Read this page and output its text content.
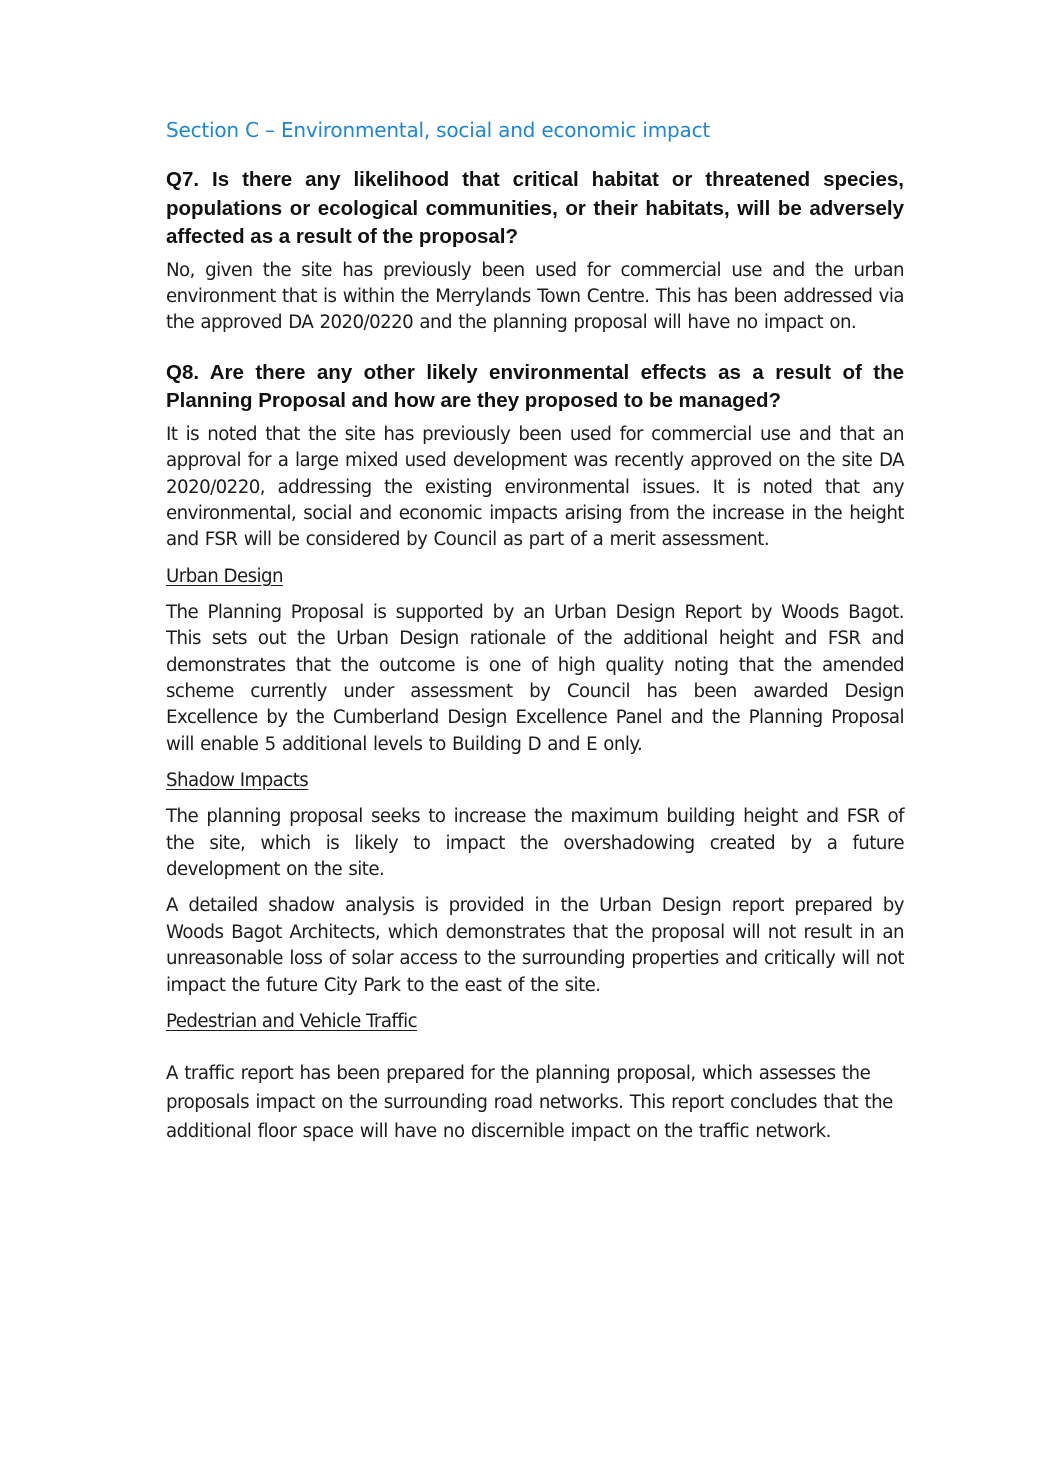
Section C – Environmental, social and economic impact
Q7. Is there any likelihood that critical habitat or threatened species, populations or ecological communities, or their habitats, will be adversely affected as a result of the proposal?
No, given the site has previously been used for commercial use and the urban environment that is within the Merrylands Town Centre. This has been addressed via the approved DA 2020/0220 and the planning proposal will have no impact on.
Q8. Are there any other likely environmental effects as a result of the Planning Proposal and how are they proposed to be managed?
It is noted that the site has previously been used for commercial use and that an approval for a large mixed used development was recently approved on the site DA 2020/0220, addressing the existing environmental issues. It is noted that any environmental, social and economic impacts arising from the increase in the height and FSR will be considered by Council as part of a merit assessment.
Urban Design
The Planning Proposal is supported by an Urban Design Report by Woods Bagot. This sets out the Urban Design rationale of the additional height and FSR and demonstrates that the outcome is one of high quality noting that the amended scheme currently under assessment by Council has been awarded Design Excellence by the Cumberland Design Excellence Panel and the Planning Proposal will enable 5 additional levels to Building D and E only.
Shadow Impacts
The planning proposal seeks to increase the maximum building height and FSR of the site, which is likely to impact the overshadowing created by a future development on the site.
A detailed shadow analysis is provided in the Urban Design report prepared by Woods Bagot Architects, which demonstrates that the proposal will not result in an unreasonable loss of solar access to the surrounding properties and critically will not impact the future City Park to the east of the site.
Pedestrian and Vehicle Traffic
A traffic report has been prepared for the planning proposal, which assesses the proposals impact on the surrounding road networks. This report concludes that the additional floor space will have no discernible impact on the traffic network.
